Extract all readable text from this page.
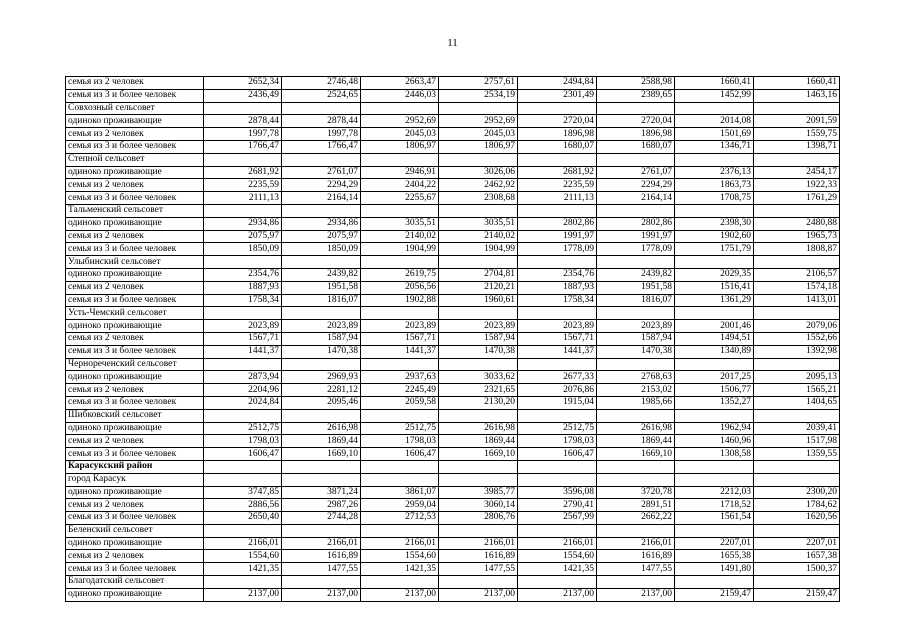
11
семья из 2 человек	2652,34	2746,48	2663,47	2757,61	2494,84	2588,98	1660,41	1660,41
семья из 3 и более человек	2436,49	2524,65	2446,03	2534,19	2301,49	2389,65	1452,99	1463,16
Совхозный сельсовет								
одиноко проживающие	2878,44	2878,44	2952,69	2952,69	2720,04	2720,04	2014,08	2091,59
семья из 2 человек	1997,78	1997,78	2045,03	2045,03	1896,98	1896,98	1501,69	1559,75
семья из 3 и более человек	1766,47	1766,47	1806,97	1806,97	1680,07	1680,07	1346,71	1398,71
Степной сельсовет								
одиноко проживающие	2681,92	2761,07	2946,91	3026,06	2681,92	2761,07	2376,13	2454,17
семья из 2 человек	2235,59	2294,29	2404,22	2462,92	2235,59	2294,29	1863,73	1922,33
семья из 3 и более человек	2111,13	2164,14	2255,67	2308,68	2111,13	2164,14	1708,75	1761,29
Тальменский сельсовет								
одиноко проживающие	2934,86	2934,86	3035,51	3035,51	2802,86	2802,86	2398,30	2480,88
семья из 2 человек	2075,97	2075,97	2140,02	2140,02	1991,97	1991,97	1902,60	1965,73
семья из 3 и более человек	1850,09	1850,09	1904,99	1904,99	1778,09	1778,09	1751,79	1808,87
Улыбинский сельсовет								
одиноко проживающие	2354,76	2439,82	2619,75	2704,81	2354,76	2439,82	2029,35	2106,57
семья из 2 человек	1887,93	1951,58	2056,56	2120,21	1887,93	1951,58	1516,41	1574,18
семья из 3 и более человек	1758,34	1816,07	1902,88	1960,61	1758,34	1816,07	1361,29	1413,01
Усть-Чемский сельсовет								
одиноко проживающие	2023,89	2023,89	2023,89	2023,89	2023,89	2023,89	2001,46	2079,06
семья из 2 человек	1567,71	1587,94	1567,71	1587,94	1567,71	1587,94	1494,51	1552,66
семья из 3 и более человек	1441,37	1470,38	1441,37	1470,38	1441,37	1470,38	1340,89	1392,98
Чернореченский сельсовет								
одиноко проживающие	2873,94	2969,93	2937,63	3033,62	2677,33	2768,63	2017,25	2095,13
семья из 2 человек	2204,96	2281,12	2245,49	2321,65	2076,86	2153,02	1506,77	1565,21
семья из 3 и более человек	2024,84	2095,46	2059,58	2130,20	1915,04	1985,66	1352,27	1404,65
Шибковский сельсовет								
одиноко проживающие	2512,75	2616,98	2512,75	2616,98	2512,75	2616,98	1962,94	2039,41
семья из 2 человек	1798,03	1869,44	1798,03	1869,44	1798,03	1869,44	1460,96	1517,98
семья из 3 и более человек	1606,47	1669,10	1606,47	1669,10	1606,47	1669,10	1308,58	1359,55
Карасукский район								
город Карасук								
одиноко проживающие	3747,85	3871,24	3861,07	3985,77	3596,08	3720,78	2212,03	2300,20
семья из 2 человек	2886,56	2987,26	2959,04	3060,14	2790,41	2891,51	1718,52	1784,62
семья из 3 и более человек	2650,40	2744,28	2712,53	2806,76	2567,99	2662,22	1561,54	1620,56
Беленский сельсовет								
одиноко проживающие	2166,01	2166,01	2166,01	2166,01	2166,01	2166,01	2207,01	2207,01
семья из 2 человек	1554,60	1616,89	1554,60	1616,89	1554,60	1616,89	1655,38	1657,38
семья из 3 и более человек	1421,35	1477,55	1421,35	1477,55	1421,35	1477,55	1491,80	1500,37
Благодатский сельсовет								
одиноко проживающие	2137,00	2137,00	2137,00	2137,00	2137,00	2137,00	2159,47	2159,47
